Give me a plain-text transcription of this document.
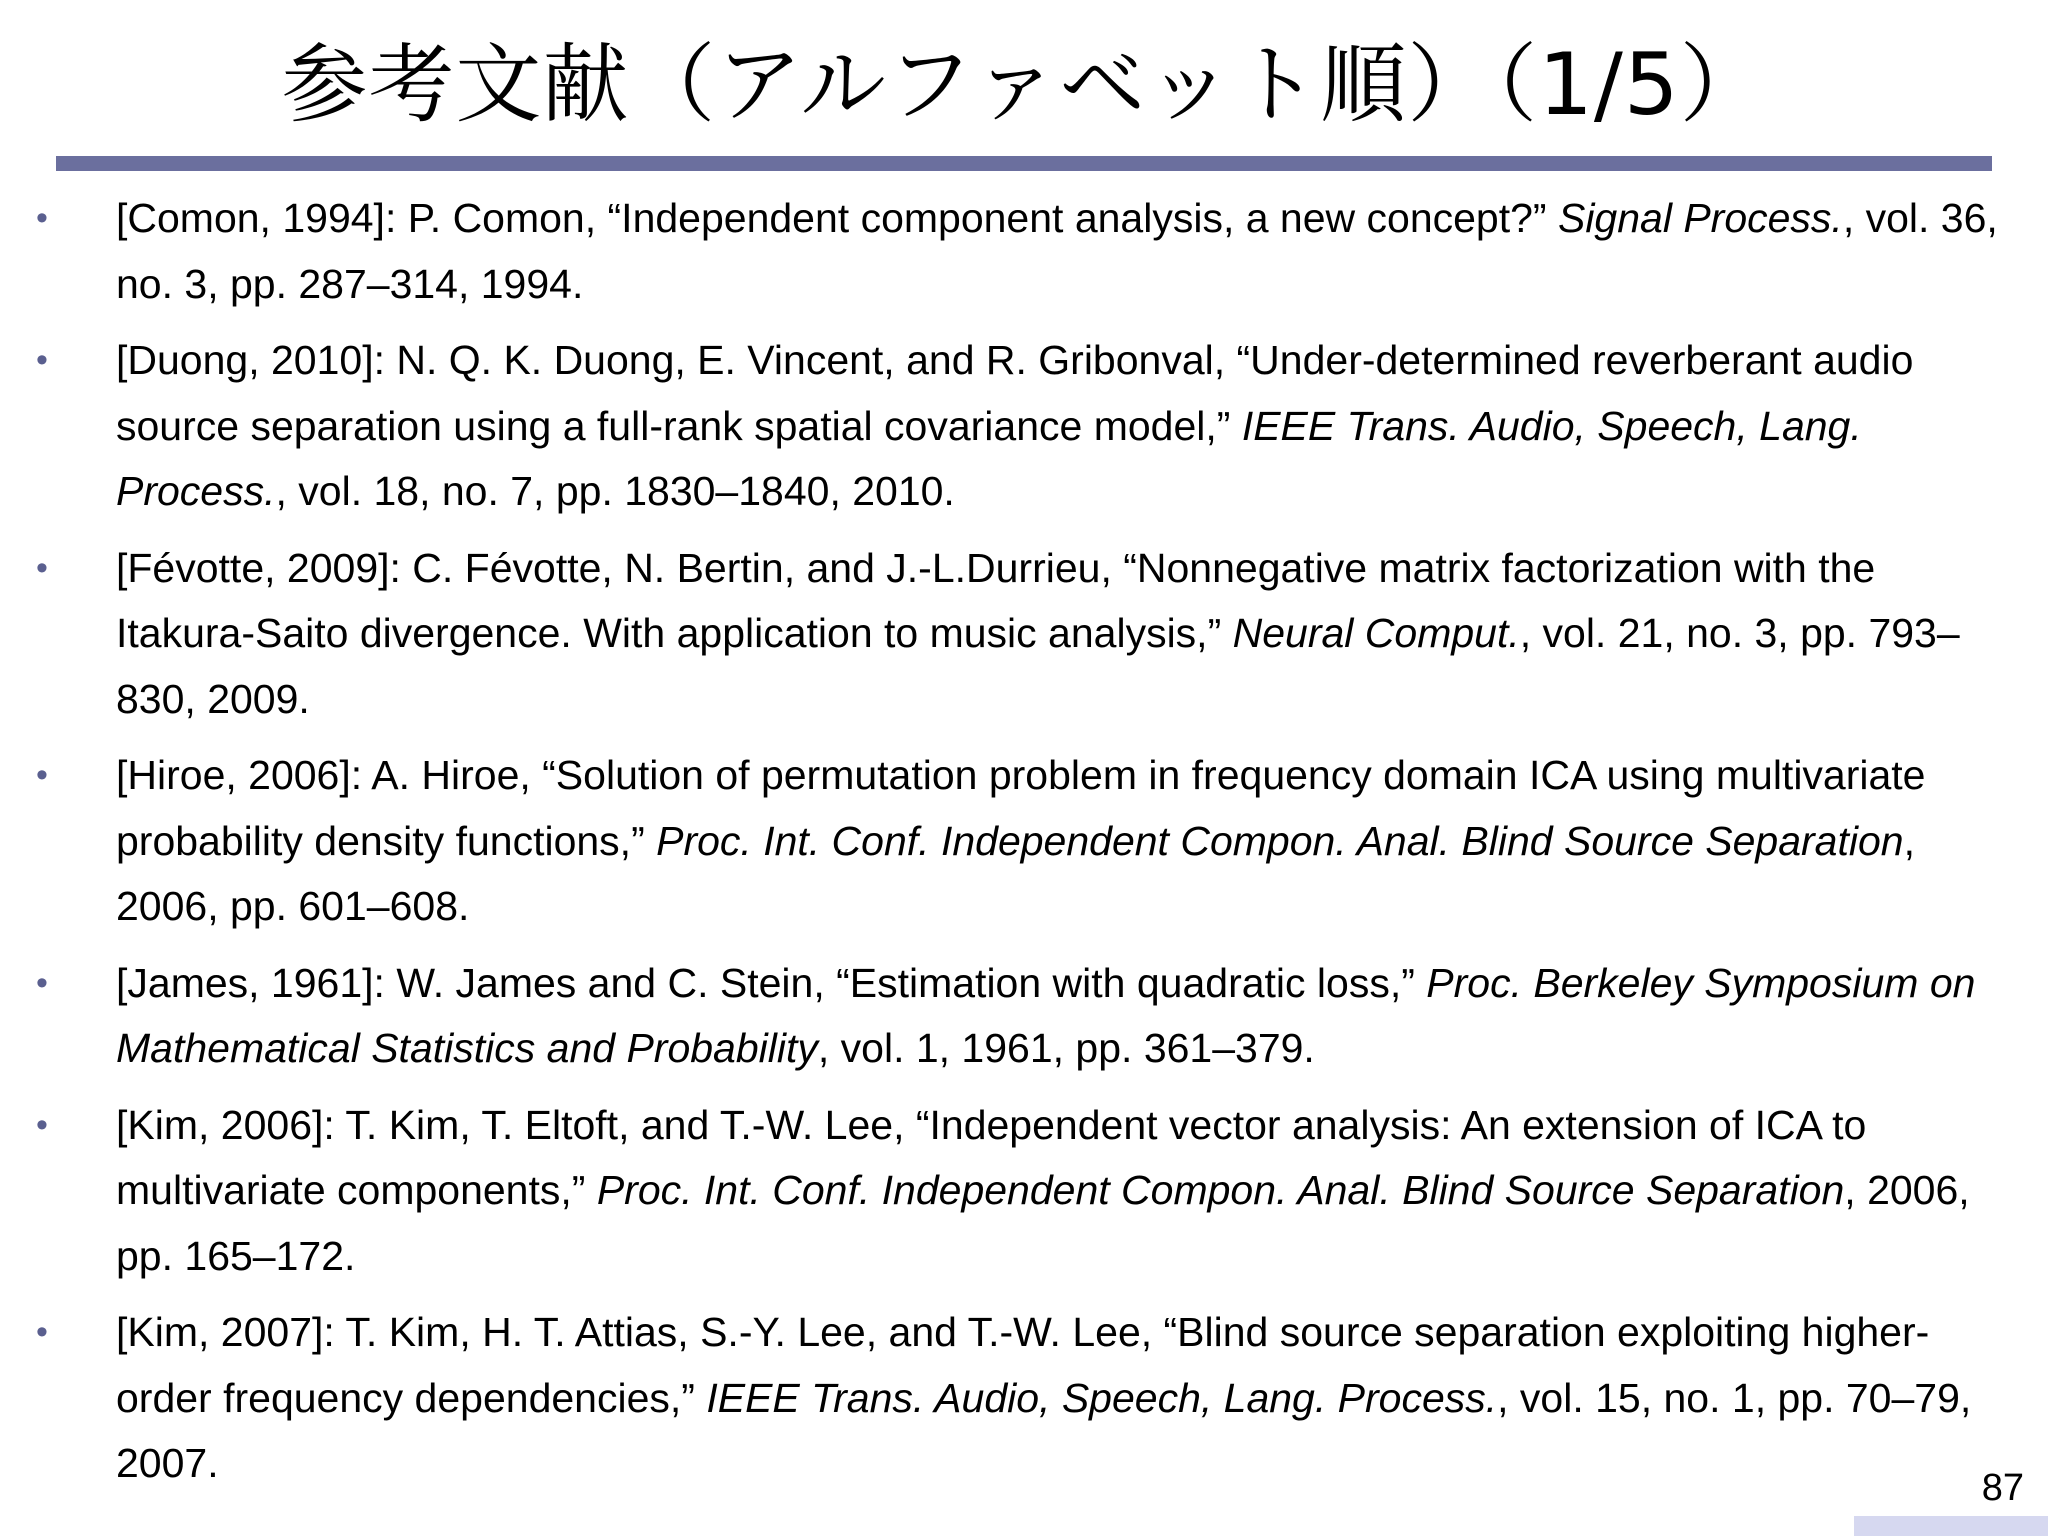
参考文献（アルファベット順）（1/5）
• [Comon, 1994]: P. Comon, “Independent component analysis, a new concept?” Signal Process., vol. 36, no. 3, pp. 287–314, 1994.
• [Duong, 2010]: N. Q. K. Duong, E. Vincent, and R. Gribonval, “Under-determined reverberant audio source separation using a full-rank spatial covariance model,” IEEE Trans. Audio, Speech, Lang. Process., vol. 18, no. 7, pp. 1830–1840, 2010.
• [Févotte, 2009]: C. Févotte, N. Bertin, and J.-L.Durrieu, “Nonnegative matrix factorization with the Itakura-Saito divergence. With application to music analysis,” Neural Comput., vol. 21, no. 3, pp. 793–830, 2009.
• [Hiroe, 2006]: A. Hiroe, “Solution of permutation problem in frequency domain ICA using multivariate probability density functions,” Proc. Int. Conf. Independent Compon. Anal. Blind Source Separation, 2006, pp. 601–608.
• [James, 1961]: W. James and C. Stein, “Estimation with quadratic loss,” Proc. Berkeley Symposium on Mathematical Statistics and Probability, vol. 1, 1961, pp. 361–379.
• [Kim, 2006]: T. Kim, T. Eltoft, and T.-W. Lee, “Independent vector analysis: An extension of ICA to multivariate components,” Proc. Int. Conf. Independent Compon. Anal. Blind Source Separation, 2006, pp. 165–172.
• [Kim, 2007]: T. Kim, H. T. Attias, S.-Y. Lee, and T.-W. Lee, “Blind source separation exploiting higher-order frequency dependencies,” IEEE Trans. Audio, Speech, Lang. Process., vol. 15, no. 1, pp. 70–79, 2007.
87
